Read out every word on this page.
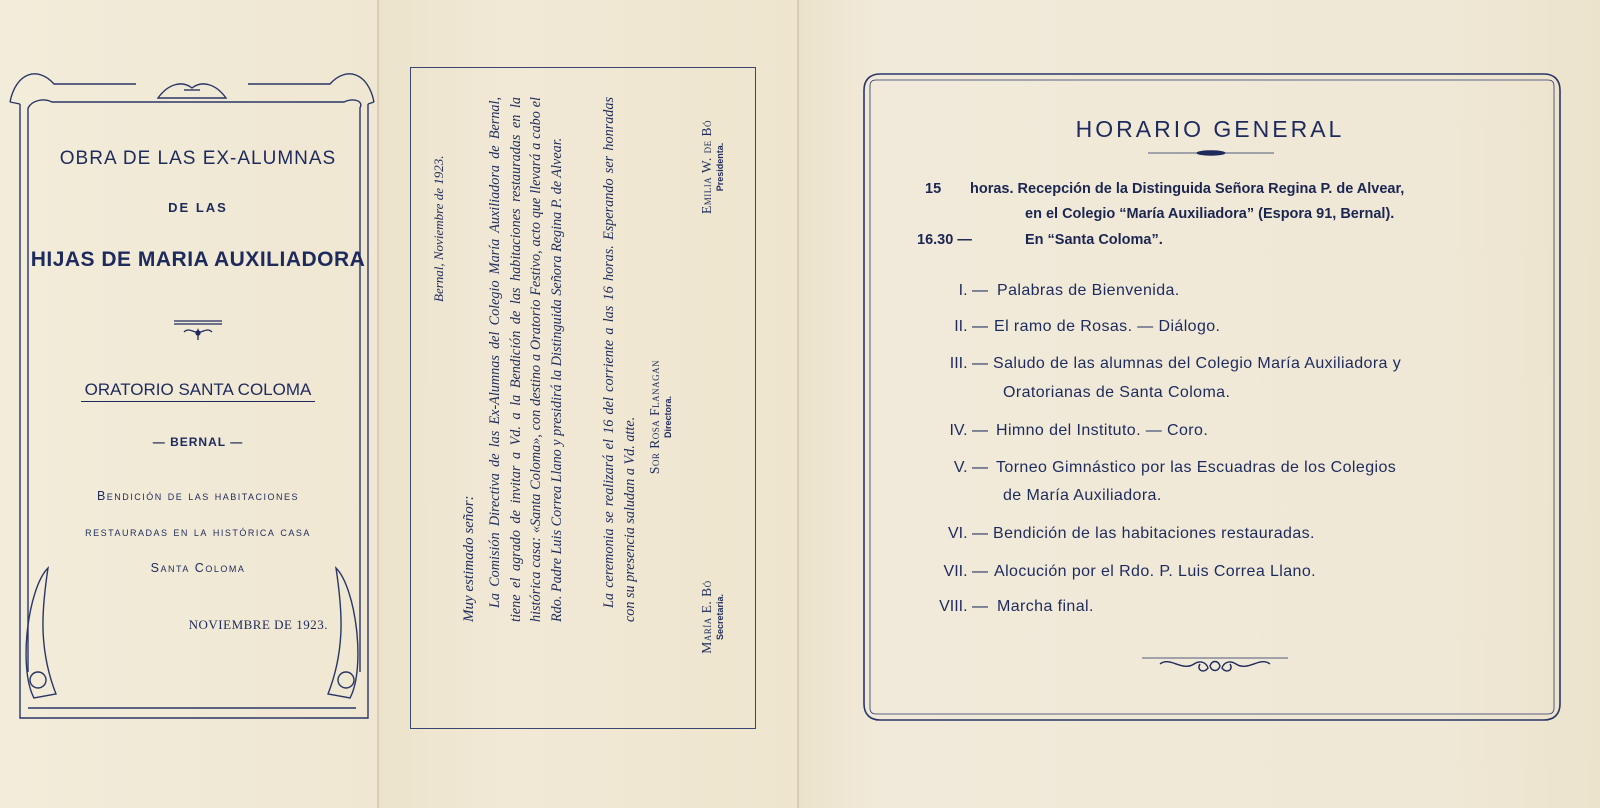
OBRA DE LAS EX-ALUMNAS
DE LAS
HIJAS DE MARIA AUXILIADORA
ORATORIO SANTA COLOMA
— BERNAL —
Bendición de las habitaciones
restauradas en la histórica casa
Santa Coloma
NOVIEMBRE DE 1923.
Bernal, Noviembre de 1923.
Muy estimado señor: La Comisión Directiva de las Ex-Alumnas del Colegio María Auxiliadora de Bernal, tiene el agrado de invitar a Vd. a la Bendición de las habitaciones restauradas en la histórica casa: «Santa Coloma», con destino a Oratorio Festivo, acto que llevará a cabo el Rdo. Padre Luis Correa Llano y presidirá la Distinguida Señora Regina P. de Alvear.	La ceremonia se realizará el 16 del corriente a las 16 horas. Esperando ser honradas con su presencia saludan a Vd. atte.	María E. Bó Secretaria.
Sor Rosa Flanagan Directora.
Emilia W. de Bó Presidenta.
HORARIO GENERAL
15 horas. Recepción de la Distinguida Señora Regina P. de Alvear,
en el Colegio “María Auxiliadora” (Espora 91, Bernal).
16.30 —	En “Santa Coloma”.
I. — Palabras de Bienvenida.
II. — El ramo de Rosas. — Diálogo.
III. — Saludo de las alumnas del Colegio María Auxiliadora y
Oratorianas de Santa Coloma.
IV. — Himno del Instituto. — Coro.
V. — Torneo Gimnástico por las Escuadras de los Colegios
de María Auxiliadora.
VI. — Bendición de las habitaciones restauradas.
VII. — Alocución por el Rdo. P. Luis Correa Llano.
VIII. — Marcha final.
